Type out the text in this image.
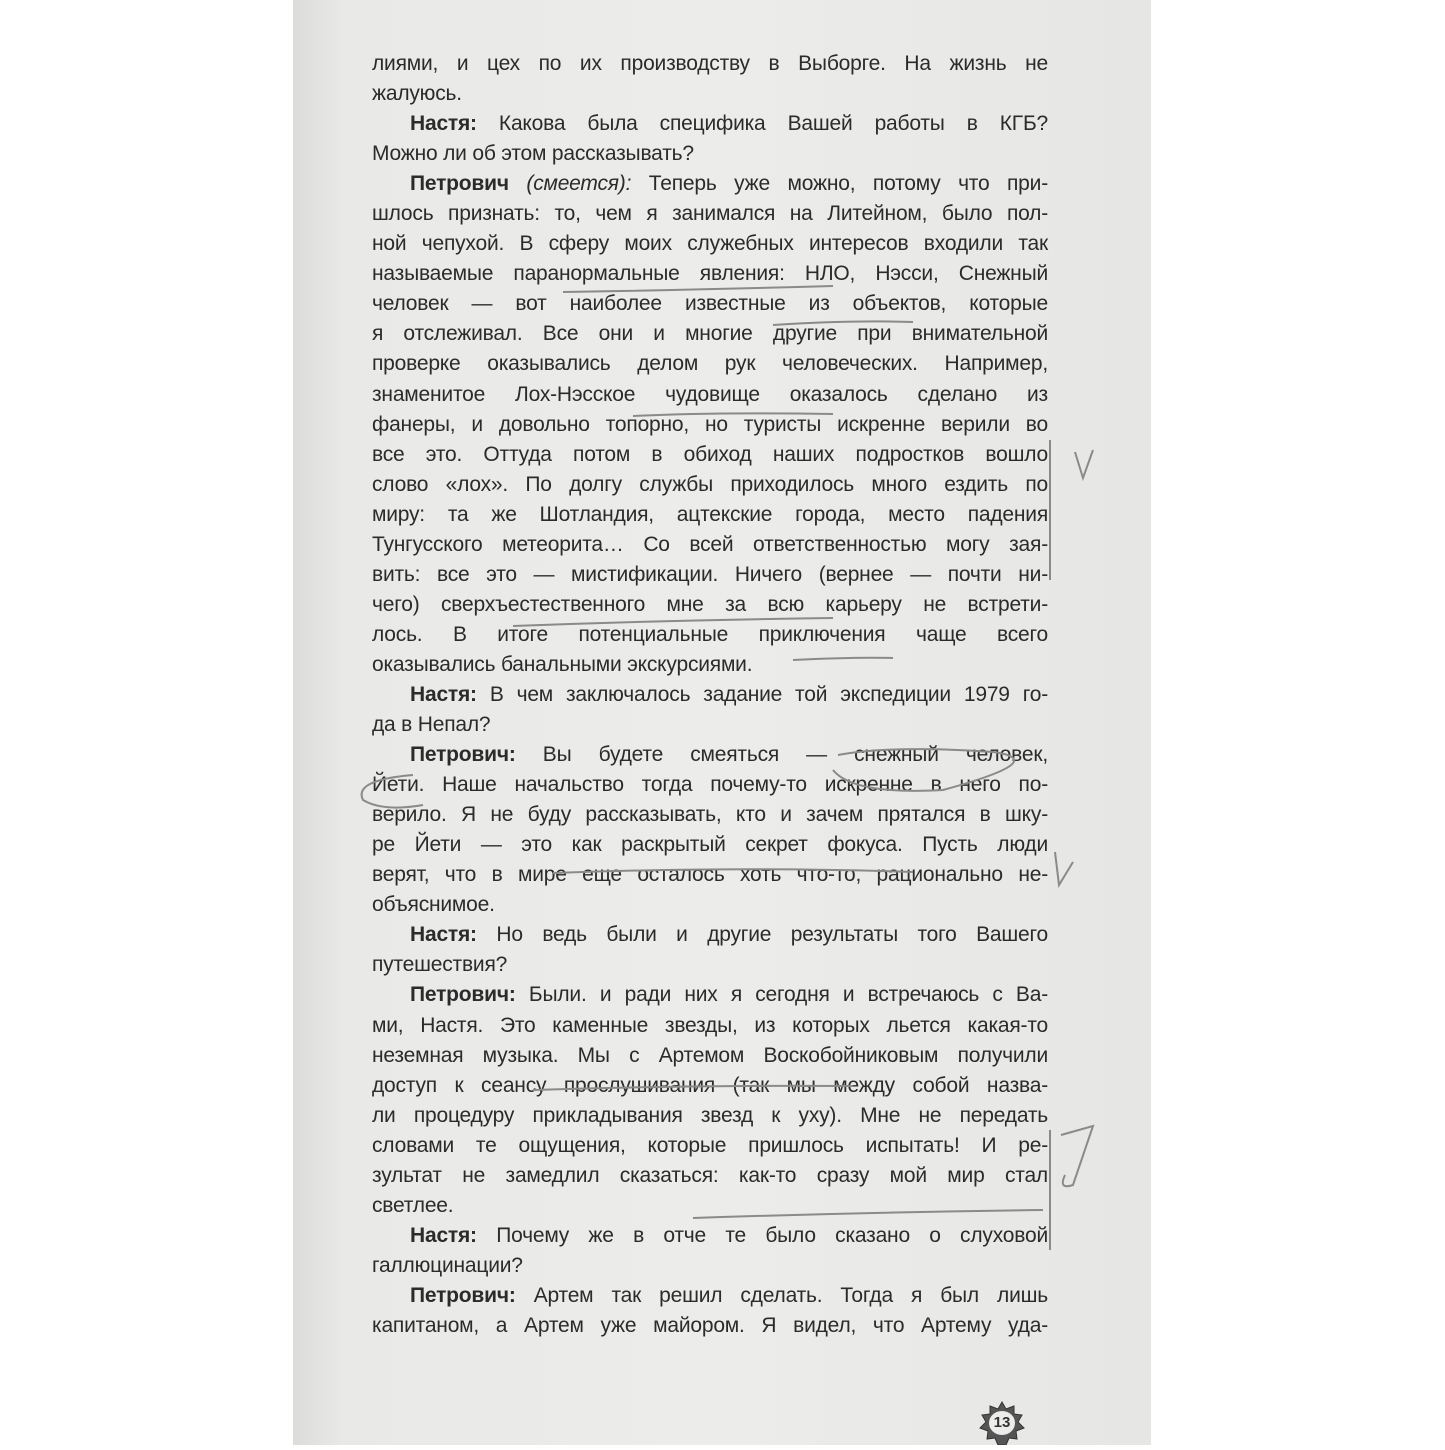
лиями, и цех по их производству в Выборге. На жизнь не
жалуюсь.
Настя: Какова была специфика Вашей работы в КГБ?
Можно ли об этом рассказывать?
Петрович (смеется): Теперь уже можно, потому что при-
шлось признать: то, чем я занимался на Литейном, было пол-
ной чепухой. В сферу моих служебных интересов входили так
называемые паранормальные явления: НЛО, Нэсси, Снежный
человек — вот наиболее известные из объектов, которые
я отслеживал. Все они и многие другие при внимательной
проверке оказывались делом рук человеческих. Например,
знаменитое Лох-Нэсское чудовище оказалось сделано из
фанеры, и довольно топорно, но туристы искренне верили во
все это. Оттуда потом в обиход наших подростков вошло
слово «лох». По долгу службы приходилось много ездить по
миру: та же Шотландия, ацтекские города, место падения
Тунгусского метеорита… Со всей ответственностью могу зая-
вить: все это — мистификации. Ничего (вернее — почти ни-
чего) сверхъестественного мне за всю карьеру не встрети-
лось. В итоге потенциальные приключения чаще всего
оказывались банальными экскурсиями.
Настя: В чем заключалось задание той экспедиции 1979 го-
да в Непал?
Петрович: Вы будете смеяться — снежный человек,
Йети. Наше начальство тогда почему-то искренне в него по-
верило. Я не буду рассказывать, кто и зачем прятался в шку-
ре Йети — это как раскрытый секрет фокуса. Пусть люди
верят, что в мире еще осталось хоть что-то, рационально не-
объяснимое.
Настя: Но ведь были и другие результаты того Вашего
путешествия?
Петрович: Были. и ради них я сегодня и встречаюсь с Ва-
ми, Настя. Это каменные звезды, из которых льется какая-то
неземная музыка. Мы с Артемом Воскобойниковым получили
доступ к сеансу прослушивания (так мы между собой назва-
ли процедуру прикладывания звезд к уху). Мне не передать
словами те ощущения, которые пришлось испытать! И ре-
зультат не замедлил сказаться: как-то сразу мой мир стал
светлее.
Настя: Почему же в отче те было сказано о слуховой
галлюцинации?
Петрович: Артем так решил сделать. Тогда я был лишь
капитаном, а Артем уже майором. Я видел, что Артему уда-
13
